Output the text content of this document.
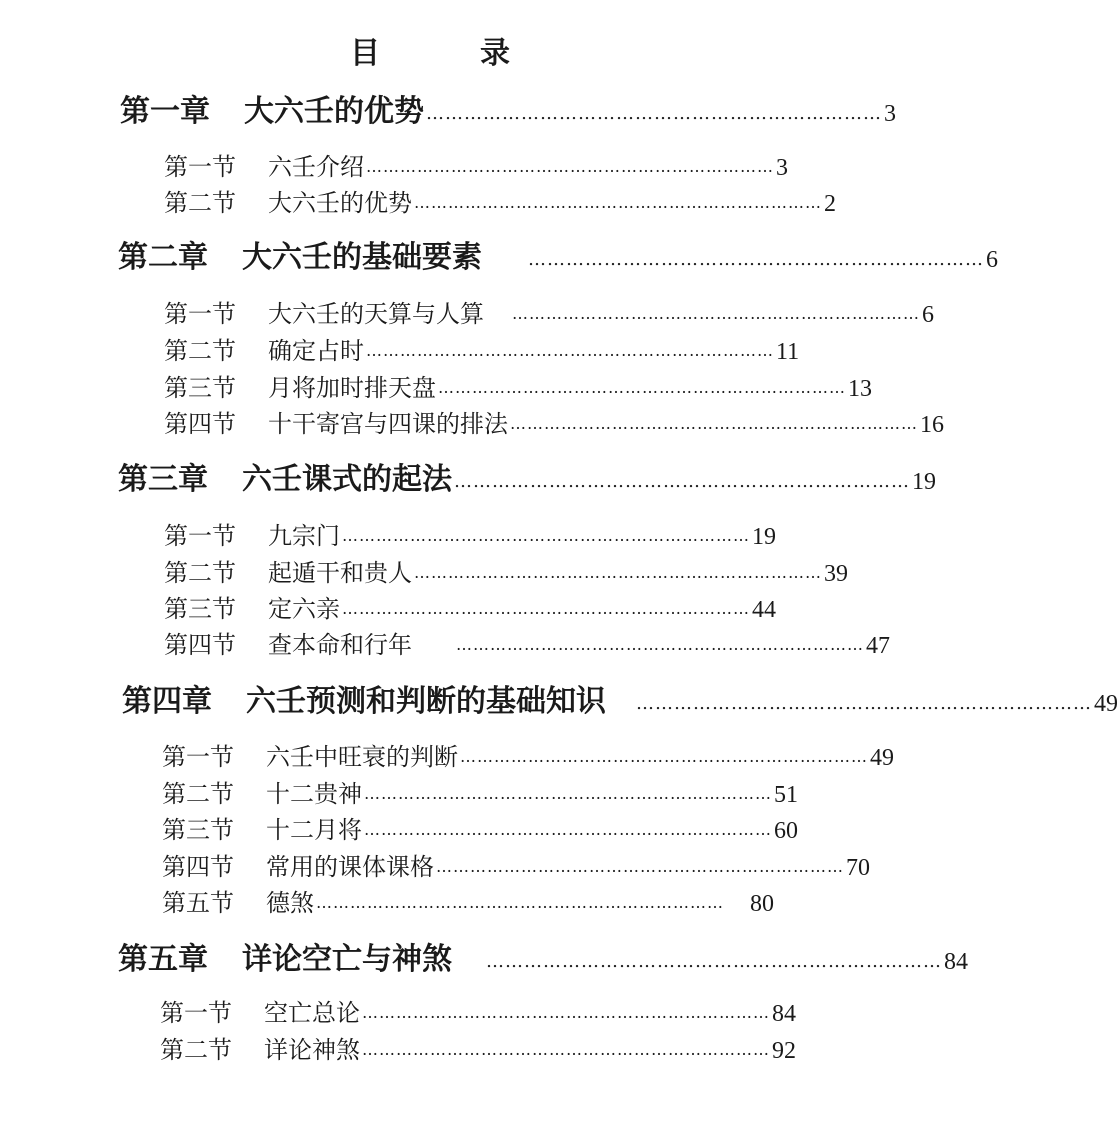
目	录
第一章 大六壬的优势 ……………………………………………………………… 3
第一节 六壬介绍 ……………………………………………………………… 3
第二节 大六壬的优势 ……………………………………………………………… 2
第二章 大六壬的基础要素	……………………………………………………………… 6
第一节 大六壬的天算与人算 ……………………………………………………………… 6
第二节 确定占时 ……………………………………………………………… 11
第三节 月将加时排天盘 ……………………………………………………………… 13
第四节 十干寄宫与四课的排法 ……………………………………………………………… 16
第三章 六壬课式的起法 ……………………………………………………………… 19
第一节 九宗门 ……………………………………………………………… 19
第二节 起遁干和贵人 ……………………………………………………………… 39
第三节 定六亲 ……………………………………………………………… 44
第四节 查本命和行年	……………………………………………………………… 47
第四章 六壬预测和判断的基础知识 ……………………………………………………………… 49
第一节 六壬中旺衰的判断 ……………………………………………………………… 49
第二节 十二贵神 ……………………………………………………………… 51
第三节 十二月将 ……………………………………………………………… 60
第四节 常用的课体课格 ……………………………………………………………… 70
第五节 德煞 ………………………………………………………………	80
第五章 详论空亡与神煞 ……………………………………………………………… 84
第一节 空亡总论 ……………………………………………………………… 84
第二节 详论神煞 ……………………………………………………………… 92
